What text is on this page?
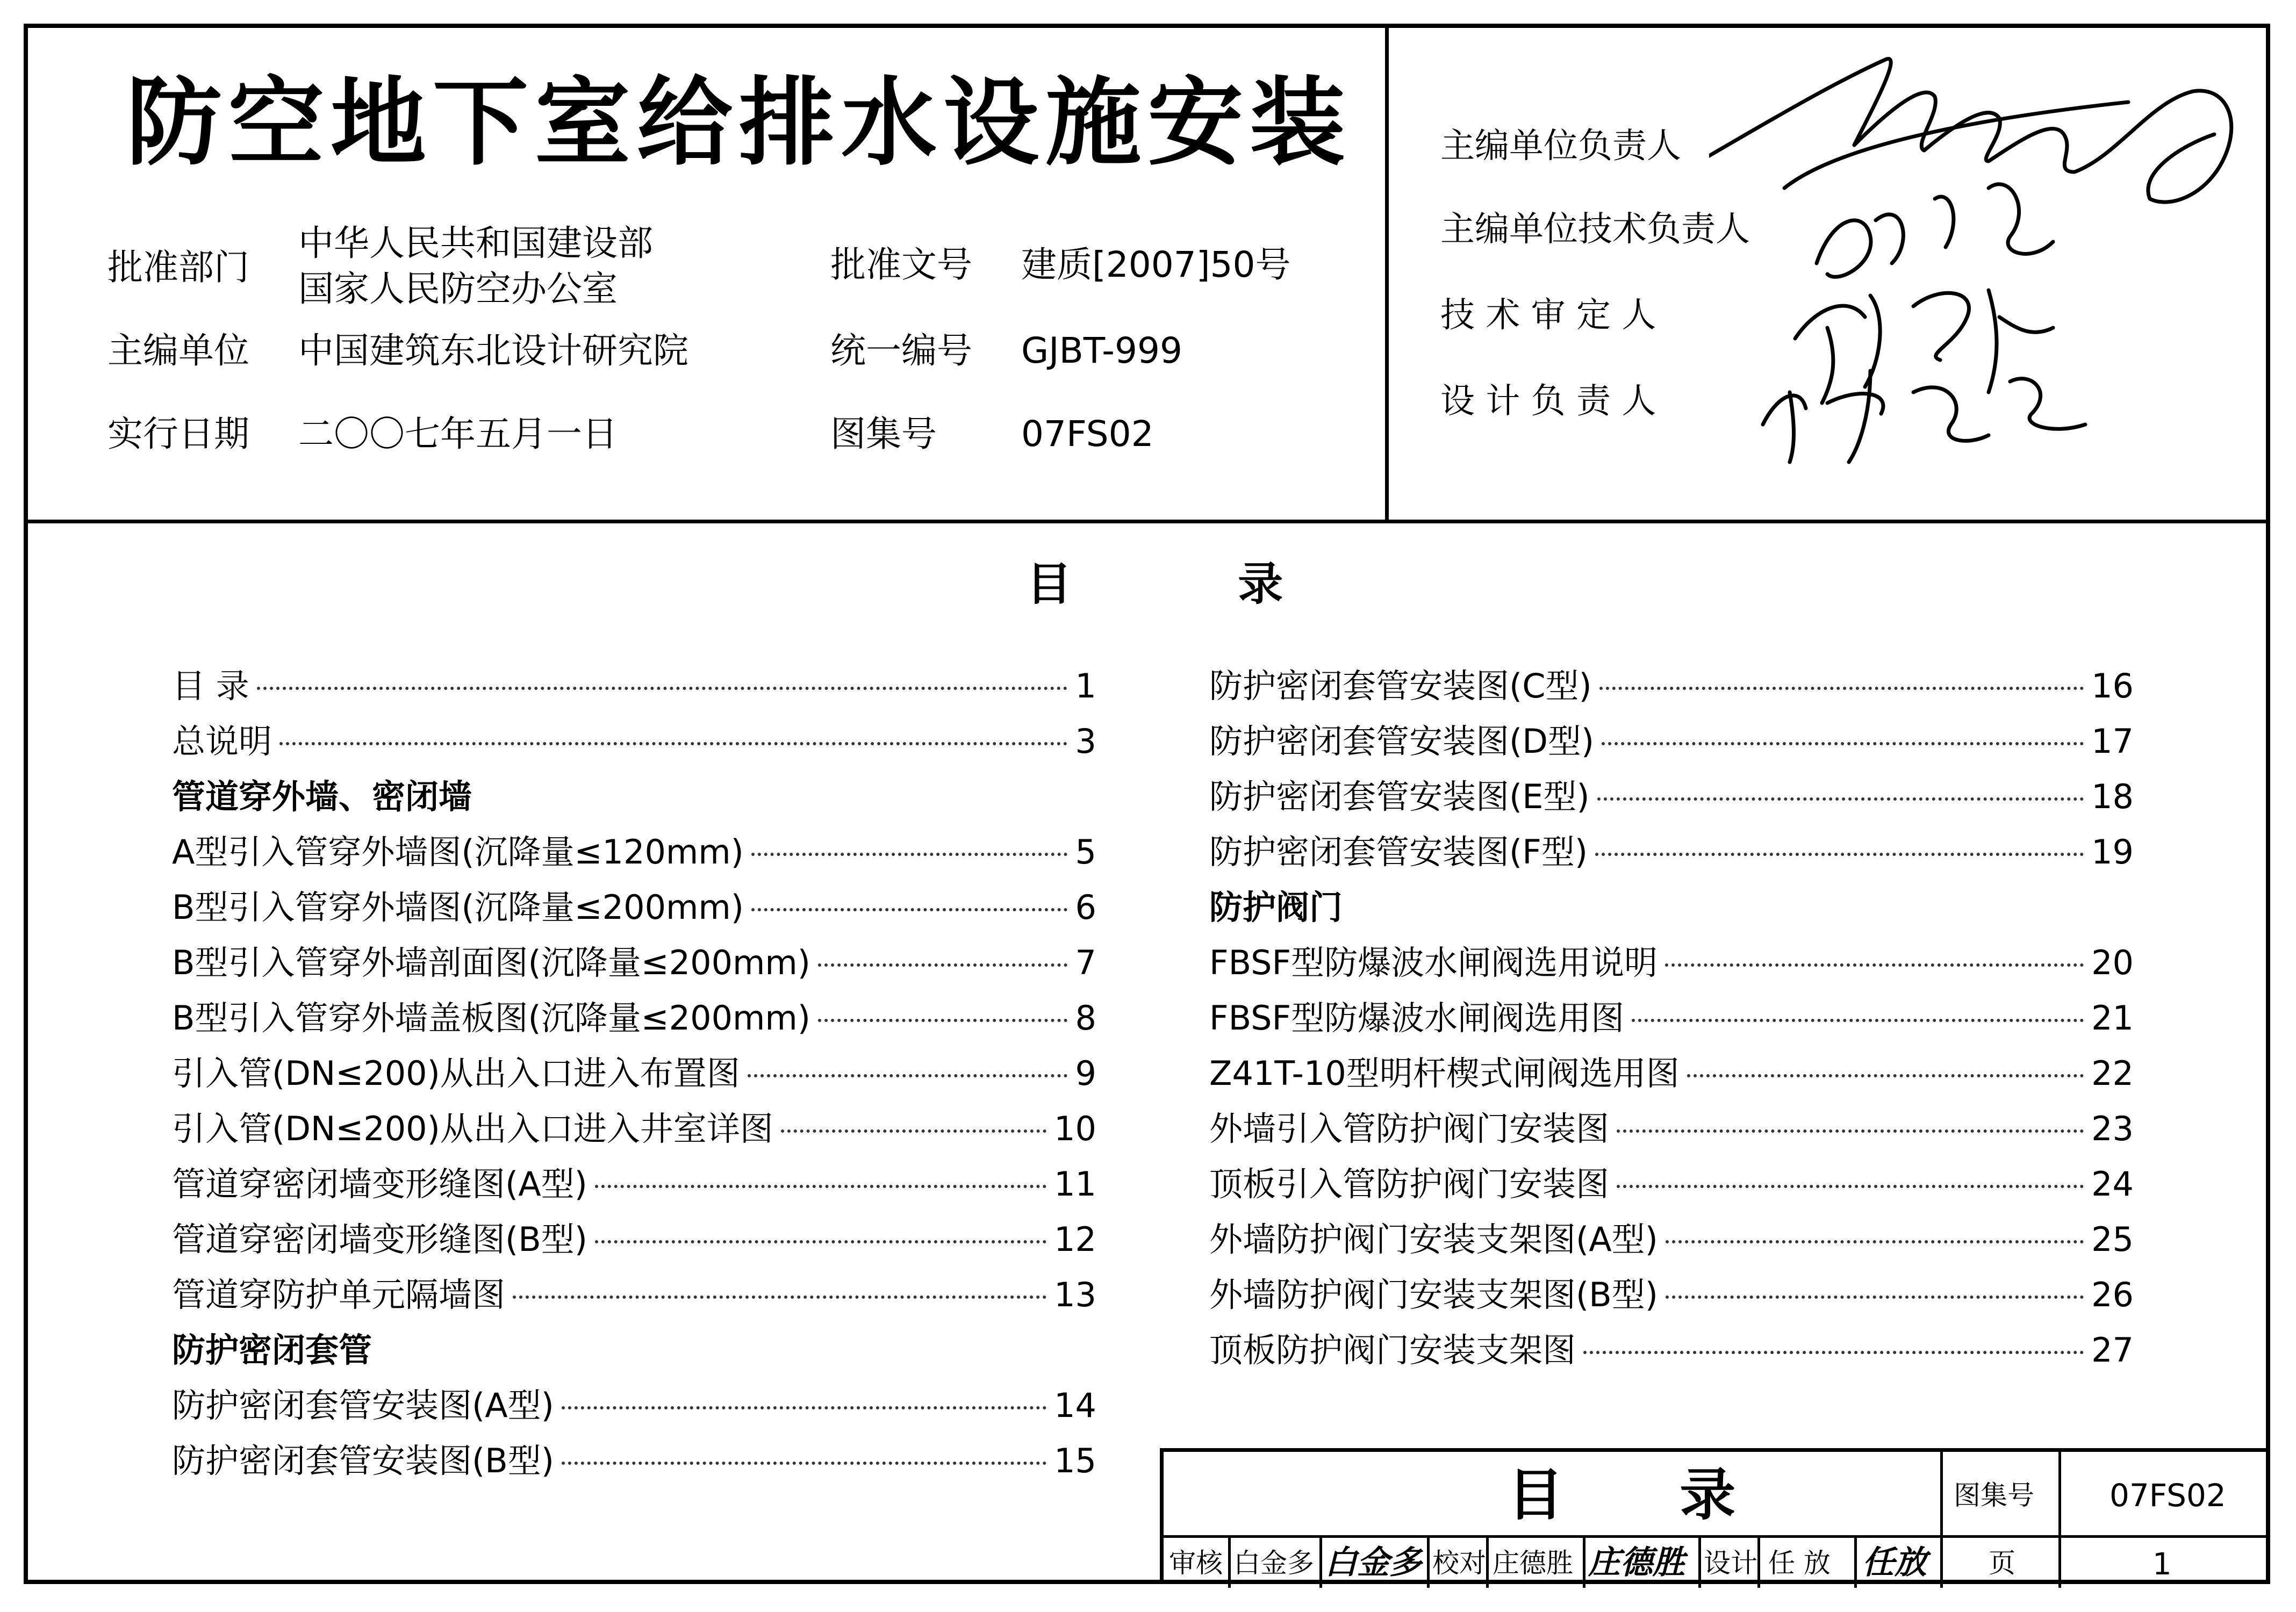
防空地下室给排水设施安装
批准部门
中华人民共和国建设部
国家人民防空办公室
主编单位 中国建筑东北设计研究院
实行日期 二〇〇七年五月一日
批准文号 建质[2007]50号
统一编号 GJBT-999
图集号 07FS02
主编单位负责人
主编单位技术负责人
技 术 审 定 人
设 计 负 责 人
目 录
目 录	1
总说明	3
管道穿外墙、密闭墙
A型引入管穿外墙图(沉降量≤120mm)	5
B型引入管穿外墙图(沉降量≤200mm)	6
B型引入管穿外墙剖面图(沉降量≤200mm)	7
B型引入管穿外墙盖板图(沉降量≤200mm)	8
引入管(DN≤200)从出入口进入布置图	9
引入管(DN≤200)从出入口进入井室详图	10
管道穿密闭墙变形缝图(A型)	11
管道穿密闭墙变形缝图(B型)	12
管道穿防护单元隔墙图	13
防护密闭套管
防护密闭套管安装图(A型)	14
防护密闭套管安装图(B型)	15
防护密闭套管安装图(C型)	16
防护密闭套管安装图(D型)	17
防护密闭套管安装图(E型)	18
防护密闭套管安装图(F型)	19
防护阀门
FBSF型防爆波水闸阀选用说明	20
FBSF型防爆波水闸阀选用图	21
Z41T-10型明杆楔式闸阀选用图	22
外墙引入管防护阀门安装图	23
顶板引入管防护阀门安装图	24
外墙防护阀门安装支架图(A型)	25
外墙防护阀门安装支架图(B型)	26
顶板防护阀门安装支架图	27
目 录	图集号 07FS02
审核 白金多 白金多 校对 庄德胜 庄德胜 设计 任 放 任放 页	1
